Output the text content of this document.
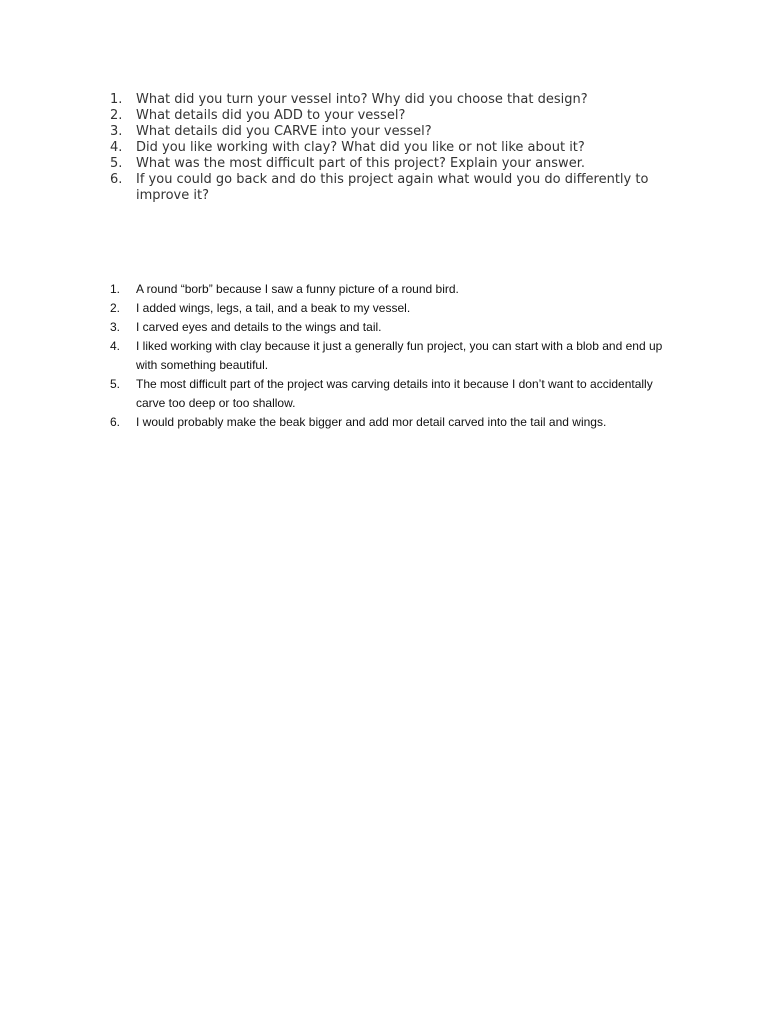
1.	What did you turn your vessel into? Why did you choose that design?
2.	What details did you ADD to your vessel?
3.	What details did you CARVE into your vessel?
4.	Did you like working with clay? What did you like or not like about it?
5.	What was the most difficult part of this project? Explain your answer.
6.	If you could go back and do this project again what would you do differently to improve it?
1.	A round “borb” because I saw a funny picture of a round bird.
2.	I added wings, legs, a tail, and a beak to my vessel.
3.	I carved eyes and details to the wings and tail.
4.	I liked working with clay because it just a generally fun project, you can start with a blob and end up with something beautiful.
5.	The most difficult part of the project was carving details into it because I don’t want to accidentally carve too deep or too shallow.
6.	I would probably make the beak bigger and add mor detail carved into the tail and wings.
